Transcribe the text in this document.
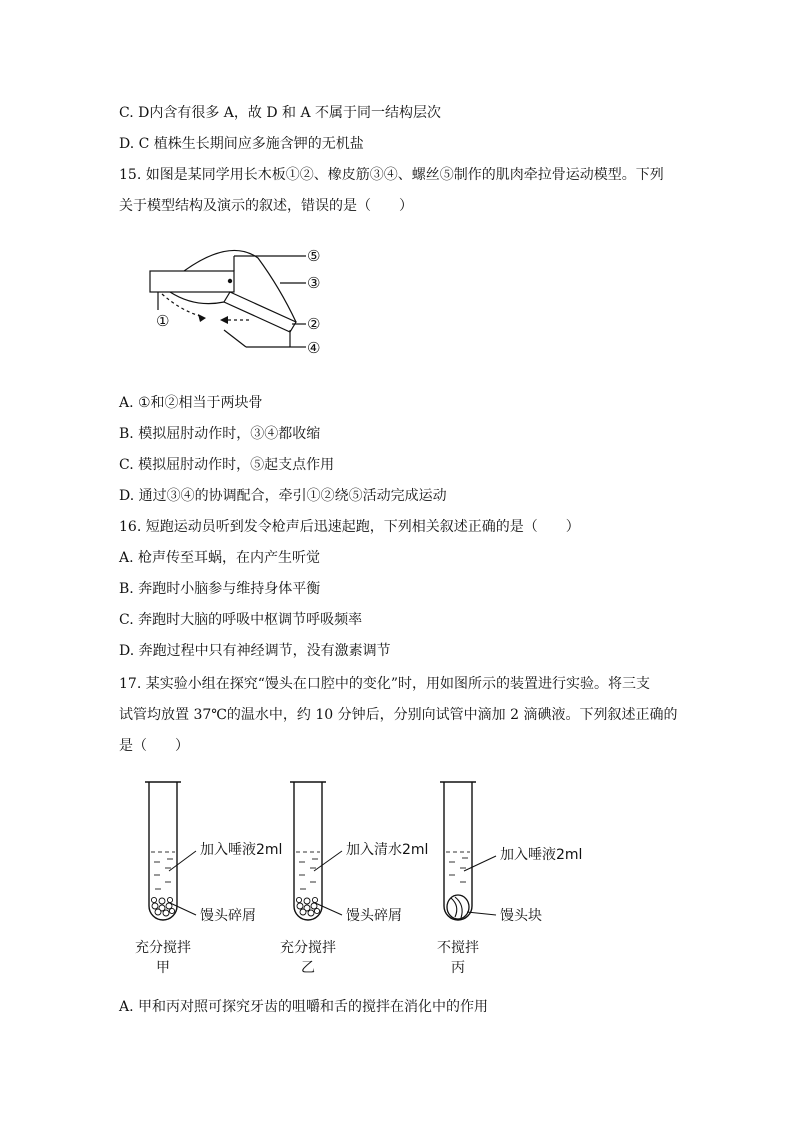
C. D内含有很多 A，故 D 和 A 不属于同一结构层次
D. C 植株生长期间应多施含钾的无机盐
15. 如图是某同学用长木板①②、橡皮筋③④、螺丝⑤制作的肌肉牵拉骨运动模型。下列
关于模型结构及演示的叙述，错误的是（　　）
⑤
③
①	②
④
A. ①和②相当于两块骨
B. 模拟屈肘动作时，③④都收缩
C. 模拟屈肘动作时，⑤起支点作用
D. 通过③④的协调配合，牵引①②绕⑤活动完成运动
16. 短跑运动员听到发令枪声后迅速起跑，下列相关叙述正确的是（　　）
A. 枪声传至耳蜗，在内产生听觉
B. 奔跑时小脑参与维持身体平衡
C. 奔跑时大脑的呼吸中枢调节呼吸频率
D. 奔跑过程中只有神经调节，没有激素调节
17. 某实验小组在探究“馒头在口腔中的变化”时，用如图所示的装置进行实验。将三支
试管均放置 37℃的温水中，约 10 分钟后，分别向试管中滴加 2 滴碘液。下列叙述正确的
是（　　）
加入唾液2ml
馒头碎屑
充分搅拌
甲
加入清水2ml
馒头碎屑
充分搅拌
乙
加入唾液2ml
馒头块
不搅拌
丙
A. 甲和丙对照可探究牙齿的咀嚼和舌的搅拌在消化中的作用
